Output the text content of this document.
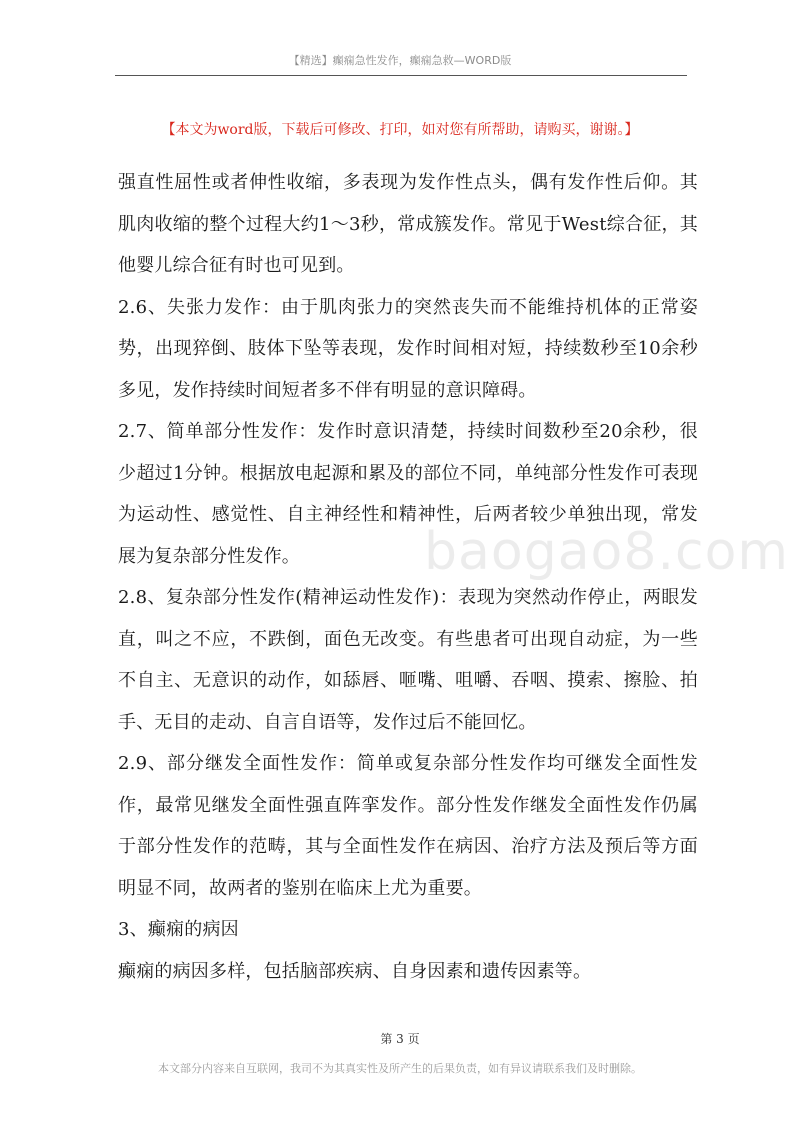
【精选】癫痫急性发作，癫痫急救—WORD版
【本文为word版，下载后可修改、打印，如对您有所帮助，请购买，谢谢。】

强直性屈性或者伸性收缩，多表现为发作性点头，偶有发作性后仰。其肌肉收缩的整个过程大约1～3秒，常成簇发作。常见于West综合征，其他婴儿综合征有时也可见到。

2.6、失张力发作：由于肌肉张力的突然丧失而不能维持机体的正常姿势，出现猝倒、肢体下坠等表现，发作时间相对短，持续数秒至10余秒多见，发作持续时间短者多不伴有明显的意识障碍。

2.7、简单部分性发作：发作时意识清楚，持续时间数秒至20余秒，很少超过1分钟。根据放电起源和累及的部位不同，单纯部分性发作可表现为运动性、感觉性、自主神经性和精神性，后两者较少单独出现，常发展为复杂部分性发作。

2.8、复杂部分性发作(精神运动性发作)：表现为突然动作停止，两眼发直，叫之不应，不跌倒，面色无改变。有些患者可出现自动症，为一些不自主、无意识的动作，如舔唇、咂嘴、咀嚼、吞咽、摸索、擦脸、拍手、无目的走动、自言自语等，发作过后不能回忆。

2.9、部分继发全面性发作：简单或复杂部分性发作均可继发全面性发作，最常见继发全面性强直阵挛发作。部分性发作继发全面性发作仍属于部分性发作的范畴，其与全面性发作在病因、治疗方法及预后等方面明显不同，故两者的鉴别在临床上尤为重要。

3、癫痫的病因

癫痫的病因多样，包括脑部疾病、自身因素和遗传因素等。

baogao8.com
第 3 页
本文部分内容来自互联网，我司不为其真实性及所产生的后果负责，如有异议请联系我们及时删除。
